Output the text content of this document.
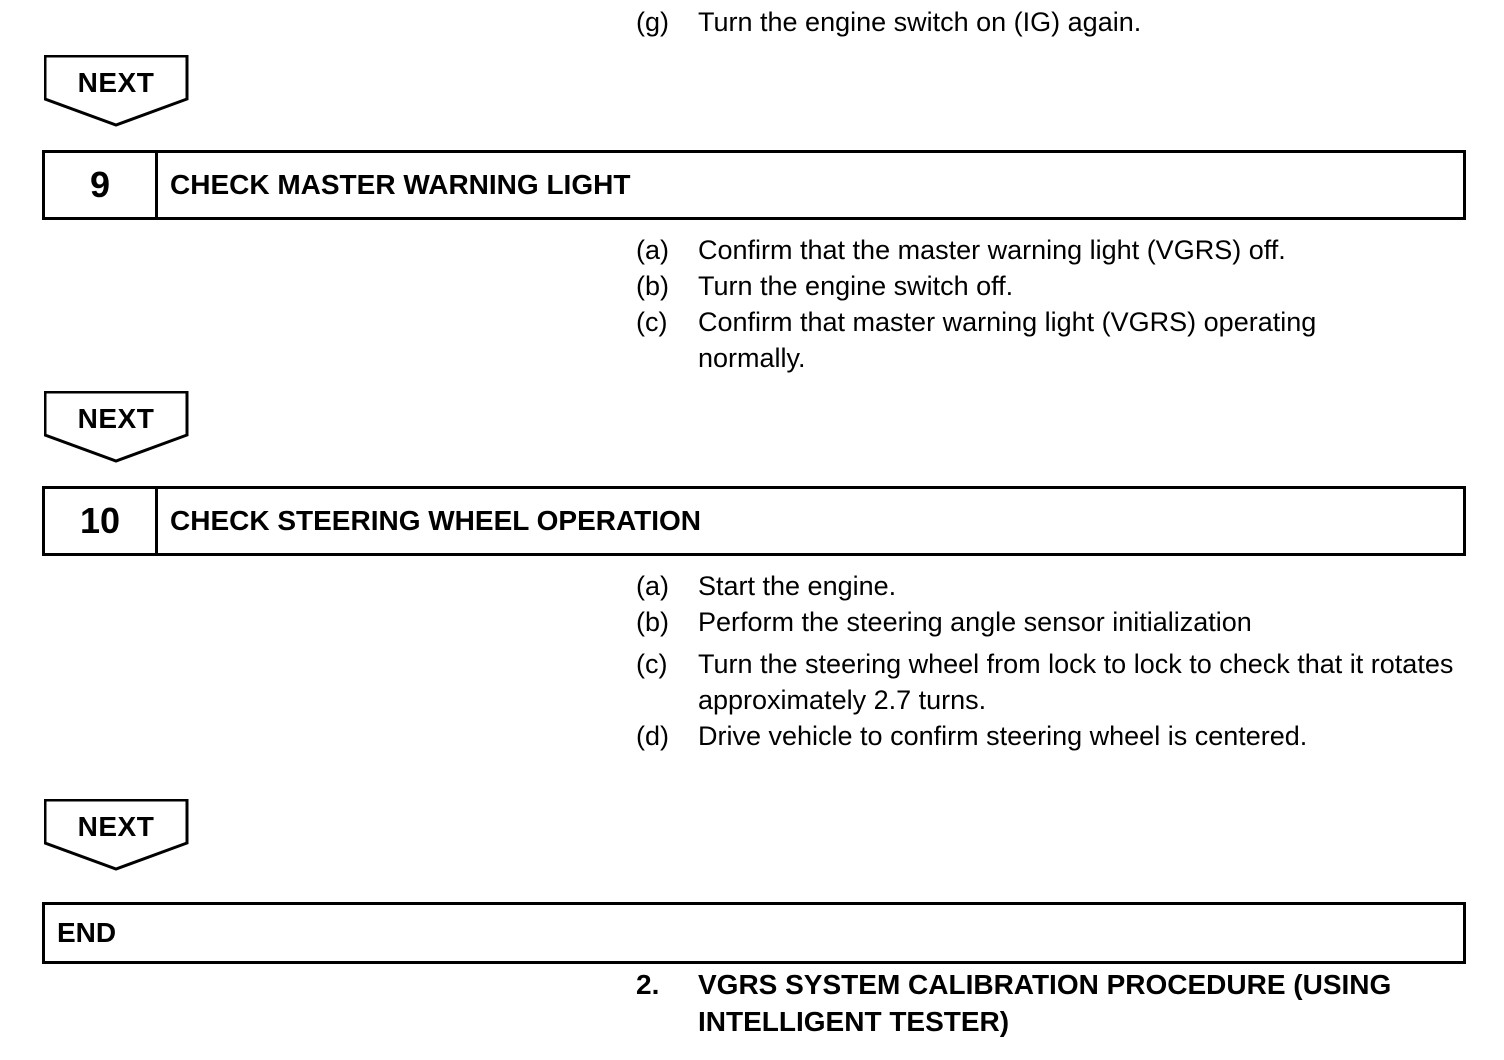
(g)	Turn the engine switch on (IG) again.
NEXT
9	CHECK MASTER WARNING LIGHT
(a)	Confirm that the master warning light (VGRS) off.
(b)	Turn the engine switch off.
(c)	Confirm that master warning light (VGRS) operating normally.
NEXT
10	CHECK STEERING WHEEL OPERATION
(a)	Start the engine.
(b)	Perform the steering angle sensor initialization
(c)	Turn the steering wheel from lock to lock to check that it rotates approximately 2.7 turns.
(d)	Drive vehicle to confirm steering wheel is centered.
NEXT
END
2.	VGRS SYSTEM CALIBRATION PROCEDURE (USING INTELLIGENT TESTER)
